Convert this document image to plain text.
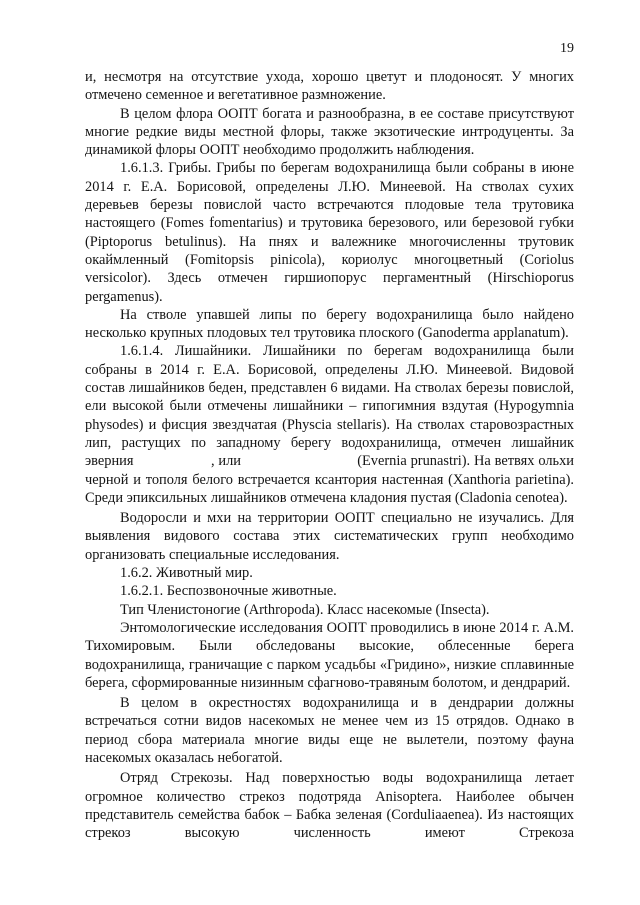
19

и, несмотря на отсутствие ухода, хорошо цветут и плодоносят. У многих отмечено семенное и вегетативное размножение.

В целом флора ООПТ богата и разнообразна, в ее составе присутствуют многие редкие виды местной флоры, также экзотические интродуценты. За динамикой флоры ООПТ необходимо продолжить наблюдения.

1.6.1.3. Грибы. Грибы по берегам водохранилища были собраны в июне 2014 г. Е.А. Борисовой, определены Л.Ю. Минеевой. На стволах сухих деревьев березы повислой часто встречаются плодовые тела трутовика настоящего (Fomes fomentarius) и трутовика березового, или березовой губки (Piptoporus betulinus). На пнях и валежнике многочисленны трутовик окаймленный (Fomitopsis pinicola), кориолус многоцветный (Coriolus versicolor). Здесь отмечен гиршиопорус пергаментный (Hirschioporus pergamenus).

На стволе упавшей липы по берегу водохранилища было найдено несколько крупных плодовых тел трутовика плоского (Ganoderma applanatum).

1.6.1.4. Лишайники. Лишайники по берегам водохранилища были собраны в 2014 г. Е.А. Борисовой, определены Л.Ю. Минеевой. Видовой состав лишайников беден, представлен 6 видами. На стволах березы повислой, ели высокой были отмечены лишайники – гипогимния вздутая (Hypogymnia physodes) и фисция звездчатая (Physcia stellaris). На стволах старовозрастных лип, растущих по западному берегу водохранилища, отмечен лишайник эверния                    , или                              (Evernia prunastri). На ветвях ольхи черной и тополя белого встречается ксантория настенная (Xanthoria parietina). Среди эпиксильных лишайников отмечена кладония пустая (Cladonia cenotea).

Водоросли и мхи на территории ООПТ специально не изучались. Для выявления видового состава этих систематических групп необходимо организовать специальные исследования.

1.6.2. Животный мир.

1.6.2.1. Беспозвоночные животные.

Тип Членистоногие (Arthropoda). Класс насекомые (Insecta).

Энтомологические исследования ООПТ проводились в июне 2014 г. А.М. Тихомировым. Были обследованы высокие, облесенные берега водохранилища, граничащие с парком усадьбы «Гридино», низкие сплавинные берега, сформированные низинным сфагново-травяным болотом, и дендрарий.

В целом в окрестностях водохранилища и в дендрарии должны встречаться сотни видов насекомых не менее чем из 15 отрядов. Однако в период сбора материала многие виды еще не вылетели, поэтому фауна насекомых оказалась небогатой.

Отряд Стрекозы. Над поверхностью воды водохранилища летает огромное количество стрекоз подотряда Anisoptera. Наиболее обычен представитель семейства бабок – Бабка зеленая (Corduliaaenea). Из настоящих стрекоз высокую численность имеют Стрекоза
